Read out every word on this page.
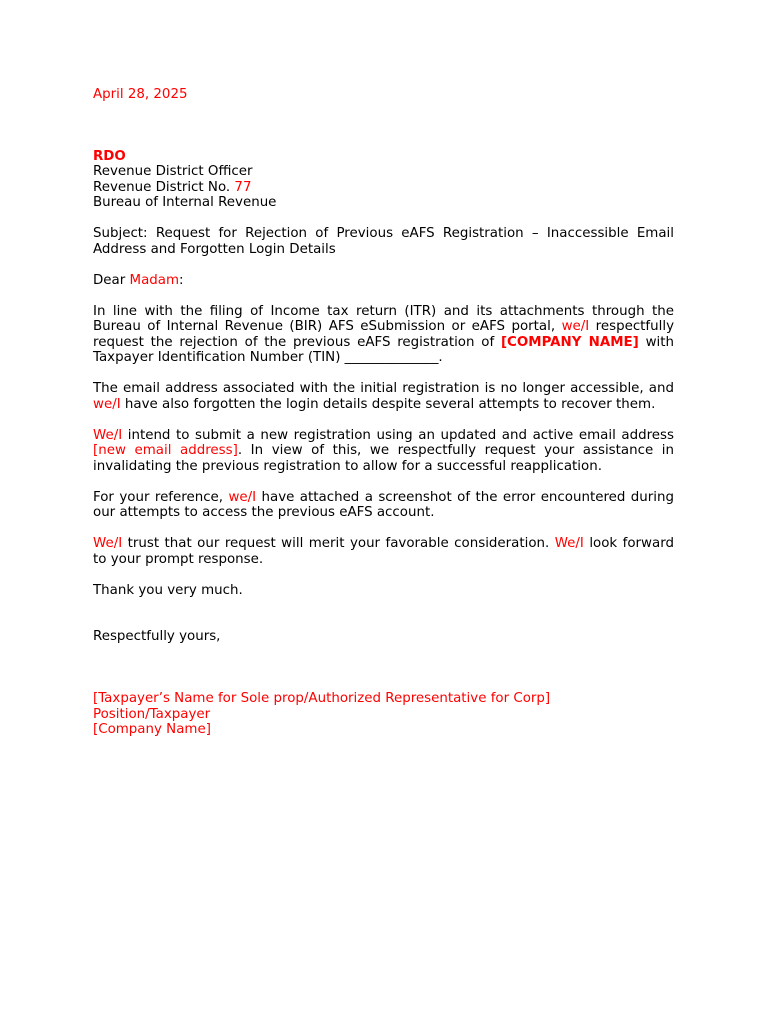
April 28, 2025

RDO

Revenue District Officer

Revenue District No. 77

Bureau of Internal Revenue

Subject: Request for Rejection of Previous eAFS Registration – Inaccessible Email Address and Forgotten Login Details

Dear Madam:

In line with the filing of Income tax return (ITR) and its attachments through the Bureau of Internal Revenue (BIR) AFS eSubmission or eAFS portal, we/I respectfully request the rejection of the previous eAFS registration of [COMPANY NAME] with Taxpayer Identification Number (TIN) ______________.

The email address associated with the initial registration is no longer accessible, and we/I have also forgotten the login details despite several attempts to recover them.

We/I intend to submit a new registration using an updated and active email address [new email address]. In view of this, we respectfully request your assistance in invalidating the previous registration to allow for a successful reapplication.

For your reference, we/I have attached a screenshot of the error encountered during our attempts to access the previous eAFS account.

We/I trust that our request will merit your favorable consideration. We/I look forward to your prompt response.

Thank you very much.

Respectfully yours,

[Taxpayer’s Name for Sole prop/Authorized Representative for Corp]

Position/Taxpayer

[Company Name]
